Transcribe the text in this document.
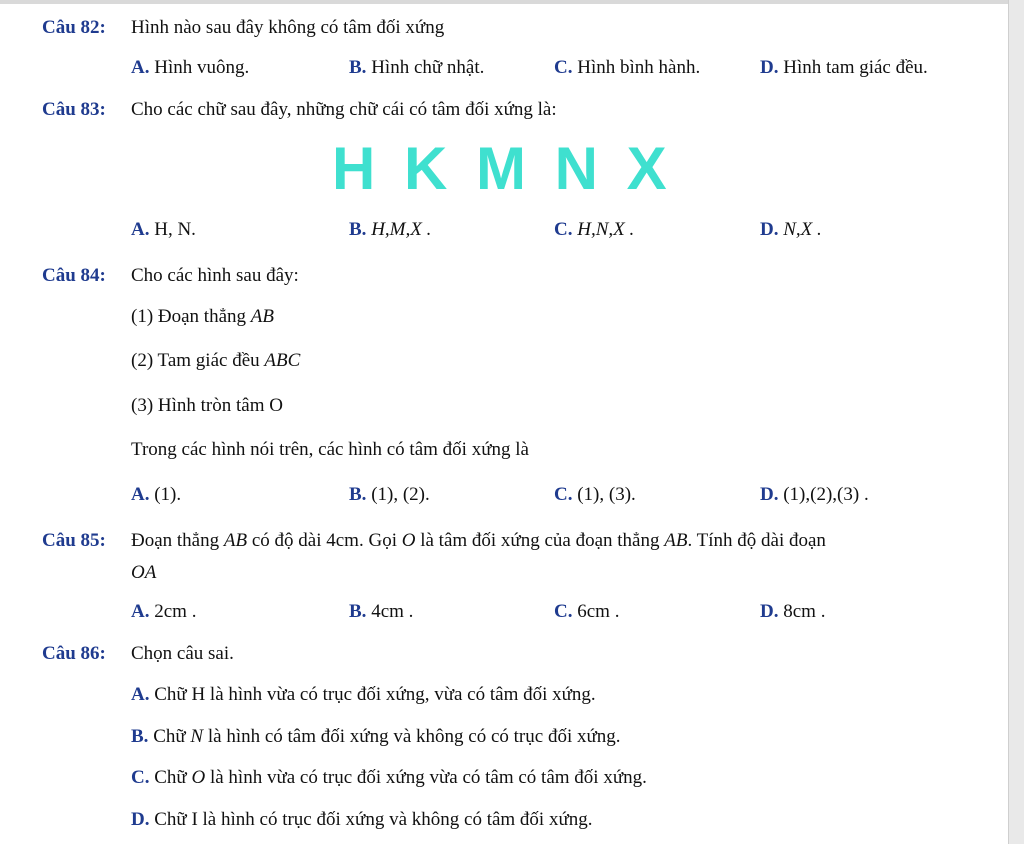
Câu 82: Hình nào sau đây không có tâm đối xứng
A. Hình vuông.	B. Hình chữ nhật.	C. Hình bình hành.	D. Hình tam giác đều.
Câu 83: Cho các chữ sau đây, những chữ cái có tâm đối xứng là:
H K M N X
A. H, N.	B. H,M,X .	C. H,N,X .	D. N,X .
Câu 84: Cho các hình sau đây:
(1) Đoạn thẳng AB
(2) Tam giác đều ABC
(3) Hình tròn tâm O
Trong các hình nói trên, các hình có tâm đối xứng là
A. (1).	B. (1), (2).	C. (1), (3).	D. (1),(2),(3) .
Câu 85: Đoạn thẳng AB có độ dài 4cm. Gọi O là tâm đối xứng của đoạn thẳng AB. Tính độ dài đoạn
OA
A. 2cm .	B. 4cm .	C. 6cm .	D. 8cm .
Câu 86: Chọn câu sai.
A. Chữ H là hình vừa có trục đối xứng, vừa có tâm đối xứng.
B. Chữ N là hình có tâm đối xứng và không có có trục đối xứng.
C. Chữ O là hình vừa có trục đối xứng vừa có tâm có tâm đối xứng.
D. Chữ I là hình có trục đối xứng và không có tâm đối xứng.
